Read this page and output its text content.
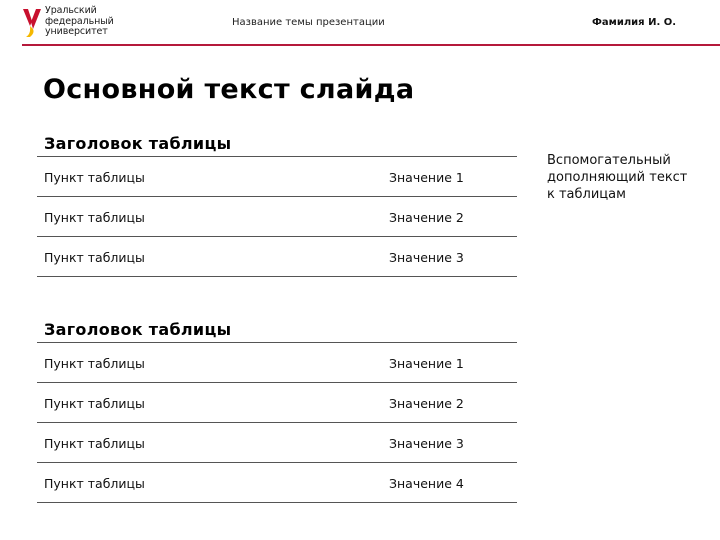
Уральский
федеральный
университет
Название темы презентации	Фамилия И. О.
Основной текст слайда
Заголовок таблицы
Пункт таблицы	Значение 1
Пункт таблицы	Значение 2
Пункт таблицы	Значение 3
Заголовок таблицы
Пункт таблицы	Значение 1
Пункт таблицы	Значение 2
Пункт таблицы	Значение 3
Пункт таблицы	Значение 4
Вспомогательный
дополняющий текст
к таблицам
